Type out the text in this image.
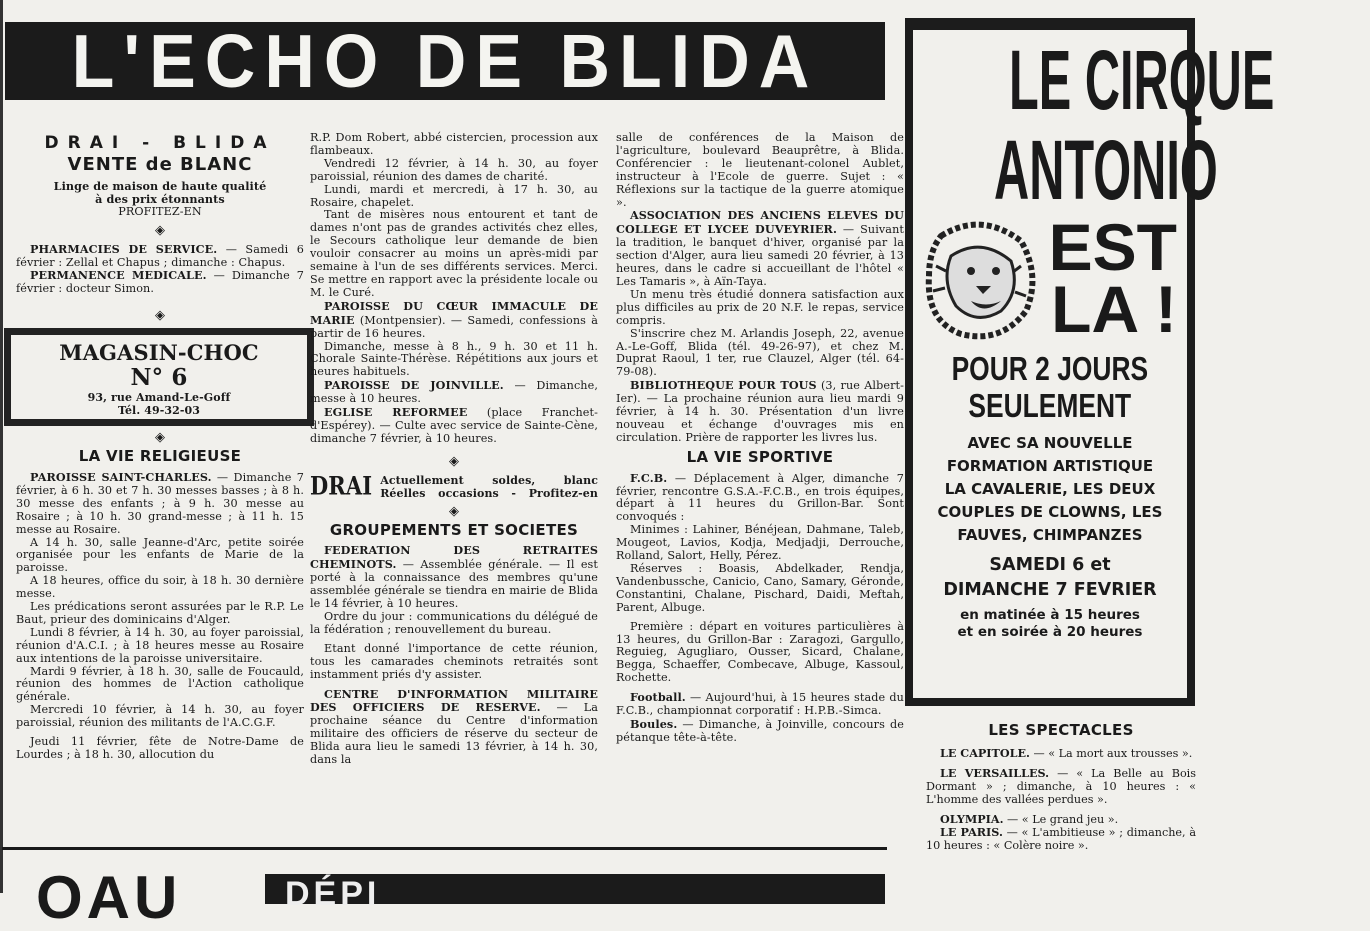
L'ECHO DE BLIDA
DRAI - BLIDA
VENTE de BLANC

Linge de maison de haute qualité

à des prix étonnants

PROFITEZ-EN

◈

PHARMACIES DE SERVICE. — Samedi 6 février : Zellal et Chapus ; dimanche : Chapus.

PERMANENCE MEDICALE. — Dimanche 7 février : docteur Simon.

◈
MAGASIN-CHOC
N° 6
93, rue Amand-Le-Goff
Tél. 49-32-03
◈
LA VIE RELIGIEUSE

PAROISSE SAINT-CHARLES. — Dimanche 7 février, à 6 h. 30 et 7 h. 30 messes basses ; à 8 h. 30 messe des enfants ; à 9 h. 30 messe au Rosaire ; à 10 h. 30 grand-messe ; à 11 h. 15 messe au Rosaire.

A 14 h. 30, salle Jeanne-d'Arc, petite soirée organisée pour les enfants de Marie de la paroisse.

A 18 heures, office du soir, à 18 h. 30 dernière messe.

Les prédications seront assurées par le R.P. Le Baut, prieur des dominicains d'Alger.

Lundi 8 février, à 14 h. 30, au foyer paroissial, réunion d'A.C.I. ; à 18 heures messe au Rosaire aux intentions de la paroisse universitaire.

Mardi 9 février, à 18 h. 30, salle de Foucauld, réunion des hommes de l'Action catholique générale.

Mercredi 10 février, à 14 h. 30, au foyer paroissial, réunion des militants de l'A.C.G.F.

Jeudi 11 février, fête de Notre-Dame de Lourdes ; à 18 h. 30, allocution du

R.P. Dom Robert, abbé cistercien, procession aux flambeaux.

Vendredi 12 février, à 14 h. 30, au foyer paroissial, réunion des dames de charité.

Lundi, mardi et mercredi, à 17 h. 30, au Rosaire, chapelet.

Tant de misères nous entourent et tant de dames n'ont pas de grandes activités chez elles, le Secours catholique leur demande de bien vouloir consacrer au moins un après-midi par semaine à l'un de ses différents services. Merci. Se mettre en rapport avec la présidente locale ou M. le Curé.

PAROISSE DU CŒUR IMMACULE DE MARIE (Montpensier). — Samedi, confessions à partir de 16 heures.

Dimanche, messe à 8 h., 9 h. 30 et 11 h. Chorale Sainte-Thérèse. Répétitions aux jours et heures habituels.

PAROISSE DE JOINVILLE. — Dimanche, messe à 10 heures.

EGLISE REFORMEE (place Franchet-d'Espérey). — Culte avec service de Sainte-Cène, dimanche 7 février, à 10 heures.

◈
DRAI Actuellement soldes, blanc
Réelles occasions - Profitez-en
◈
GROUPEMENTS ET SOCIETES

FEDERATION DES RETRAITES CHEMINOTS. — Assemblée générale. — Il est porté à la connaissance des membres qu'une assemblée générale se tiendra en mairie de Blida le 14 février, à 10 heures.

Ordre du jour : communications du délégué de la fédération ; renouvellement du bureau.

Etant donné l'importance de cette réunion, tous les camarades cheminots retraités sont instamment priés d'y assister.

CENTRE D'INFORMATION MILITAIRE DES OFFICIERS DE RESERVE. — La prochaine séance du Centre d'information militaire des officiers de réserve du secteur de Blida aura lieu le samedi 13 février, à 14 h. 30, dans la

salle de conférences de la Maison de l'agriculture, boulevard Beauprêtre, à Blida. Conférencier : le lieutenant-colonel Aublet, instructeur à l'Ecole de guerre. Sujet : « Réflexions sur la tactique de la guerre atomique ».

ASSOCIATION DES ANCIENS ELEVES DU COLLEGE ET LYCEE DUVEYRIER. — Suivant la tradition, le banquet d'hiver, organisé par la section d'Alger, aura lieu samedi 20 février, à 13 heures, dans le cadre si accueillant de l'hôtel « Les Tamaris », à Aïn-Taya.

Un menu très étudié donnera satisfaction aux plus difficiles au prix de 20 N.F. le repas, service compris.

S'inscrire chez M. Arlandis Joseph, 22, avenue A.-Le-Goff, Blida (tél. 49-26-97), et chez M. Duprat Raoul, 1 ter, rue Clauzel, Alger (tél. 64-79-08).

BIBLIOTHEQUE POUR TOUS (3, rue Albert-Ier). — La prochaine réunion aura lieu mardi 9 février, à 14 h. 30. Présentation d'un livre nouveau et échange d'ouvrages mis en circulation. Prière de rapporter les livres lus.

LA VIE SPORTIVE

F.C.B. — Déplacement à Alger, dimanche 7 février, rencontre G.S.A.-F.C.B., en trois équipes, départ à 11 heures du Grillon-Bar. Sont convoqués :

Minimes : Lahiner, Bénéjean, Dahmane, Taleb, Mougeot, Lavios, Kodja, Medjadji, Derrouche, Rolland, Salort, Helly, Pérez.

Réserves : Boasis, Abdelkader, Rendja, Vandenbussche, Canicio, Cano, Samary, Géronde, Constantini, Chalane, Pischard, Daidi, Meftah, Parent, Albuge.

Première : départ en voitures particulières à 13 heures, du Grillon-Bar : Zaragozi, Gargullo, Reguieg, Agugliaro, Ousser, Sicard, Chalane, Begga, Schaeffer, Combecave, Albuge, Kassoul, Rochette.

Football. — Aujourd'hui, à 15 heures stade du F.C.B., championnat corporatif : H.P.B.-Simca.

Boules. — Dimanche, à Joinville, concours de pétanque tête-à-tête.

LE CIRQUE
ANTONIO
EST
LA !
POUR 2 JOURS
SEULEMENT
AVEC SA NOUVELLE
FORMATION ARTISTIQUE
LA CAVALERIE, LES DEUX
COUPLES DE CLOWNS, LES
FAUVES, CHIMPANZES
SAMEDI 6 et
DIMANCHE 7 FEVRIER
en matinée à 15 heures
et en soirée à 20 heures
LES SPECTACLES

LE CAPITOLE. — « La mort aux trousses ».

LE VERSAILLES. — « La Belle au Bois Dormant » ; dimanche, à 10 heures : « L'homme des vallées perdues ».

OLYMPIA. — « Le grand jeu ».

LE PARIS. — « L'ambitieuse » ; dimanche, à 10 heures : « Colère noire ».

OAU	DÉPI
